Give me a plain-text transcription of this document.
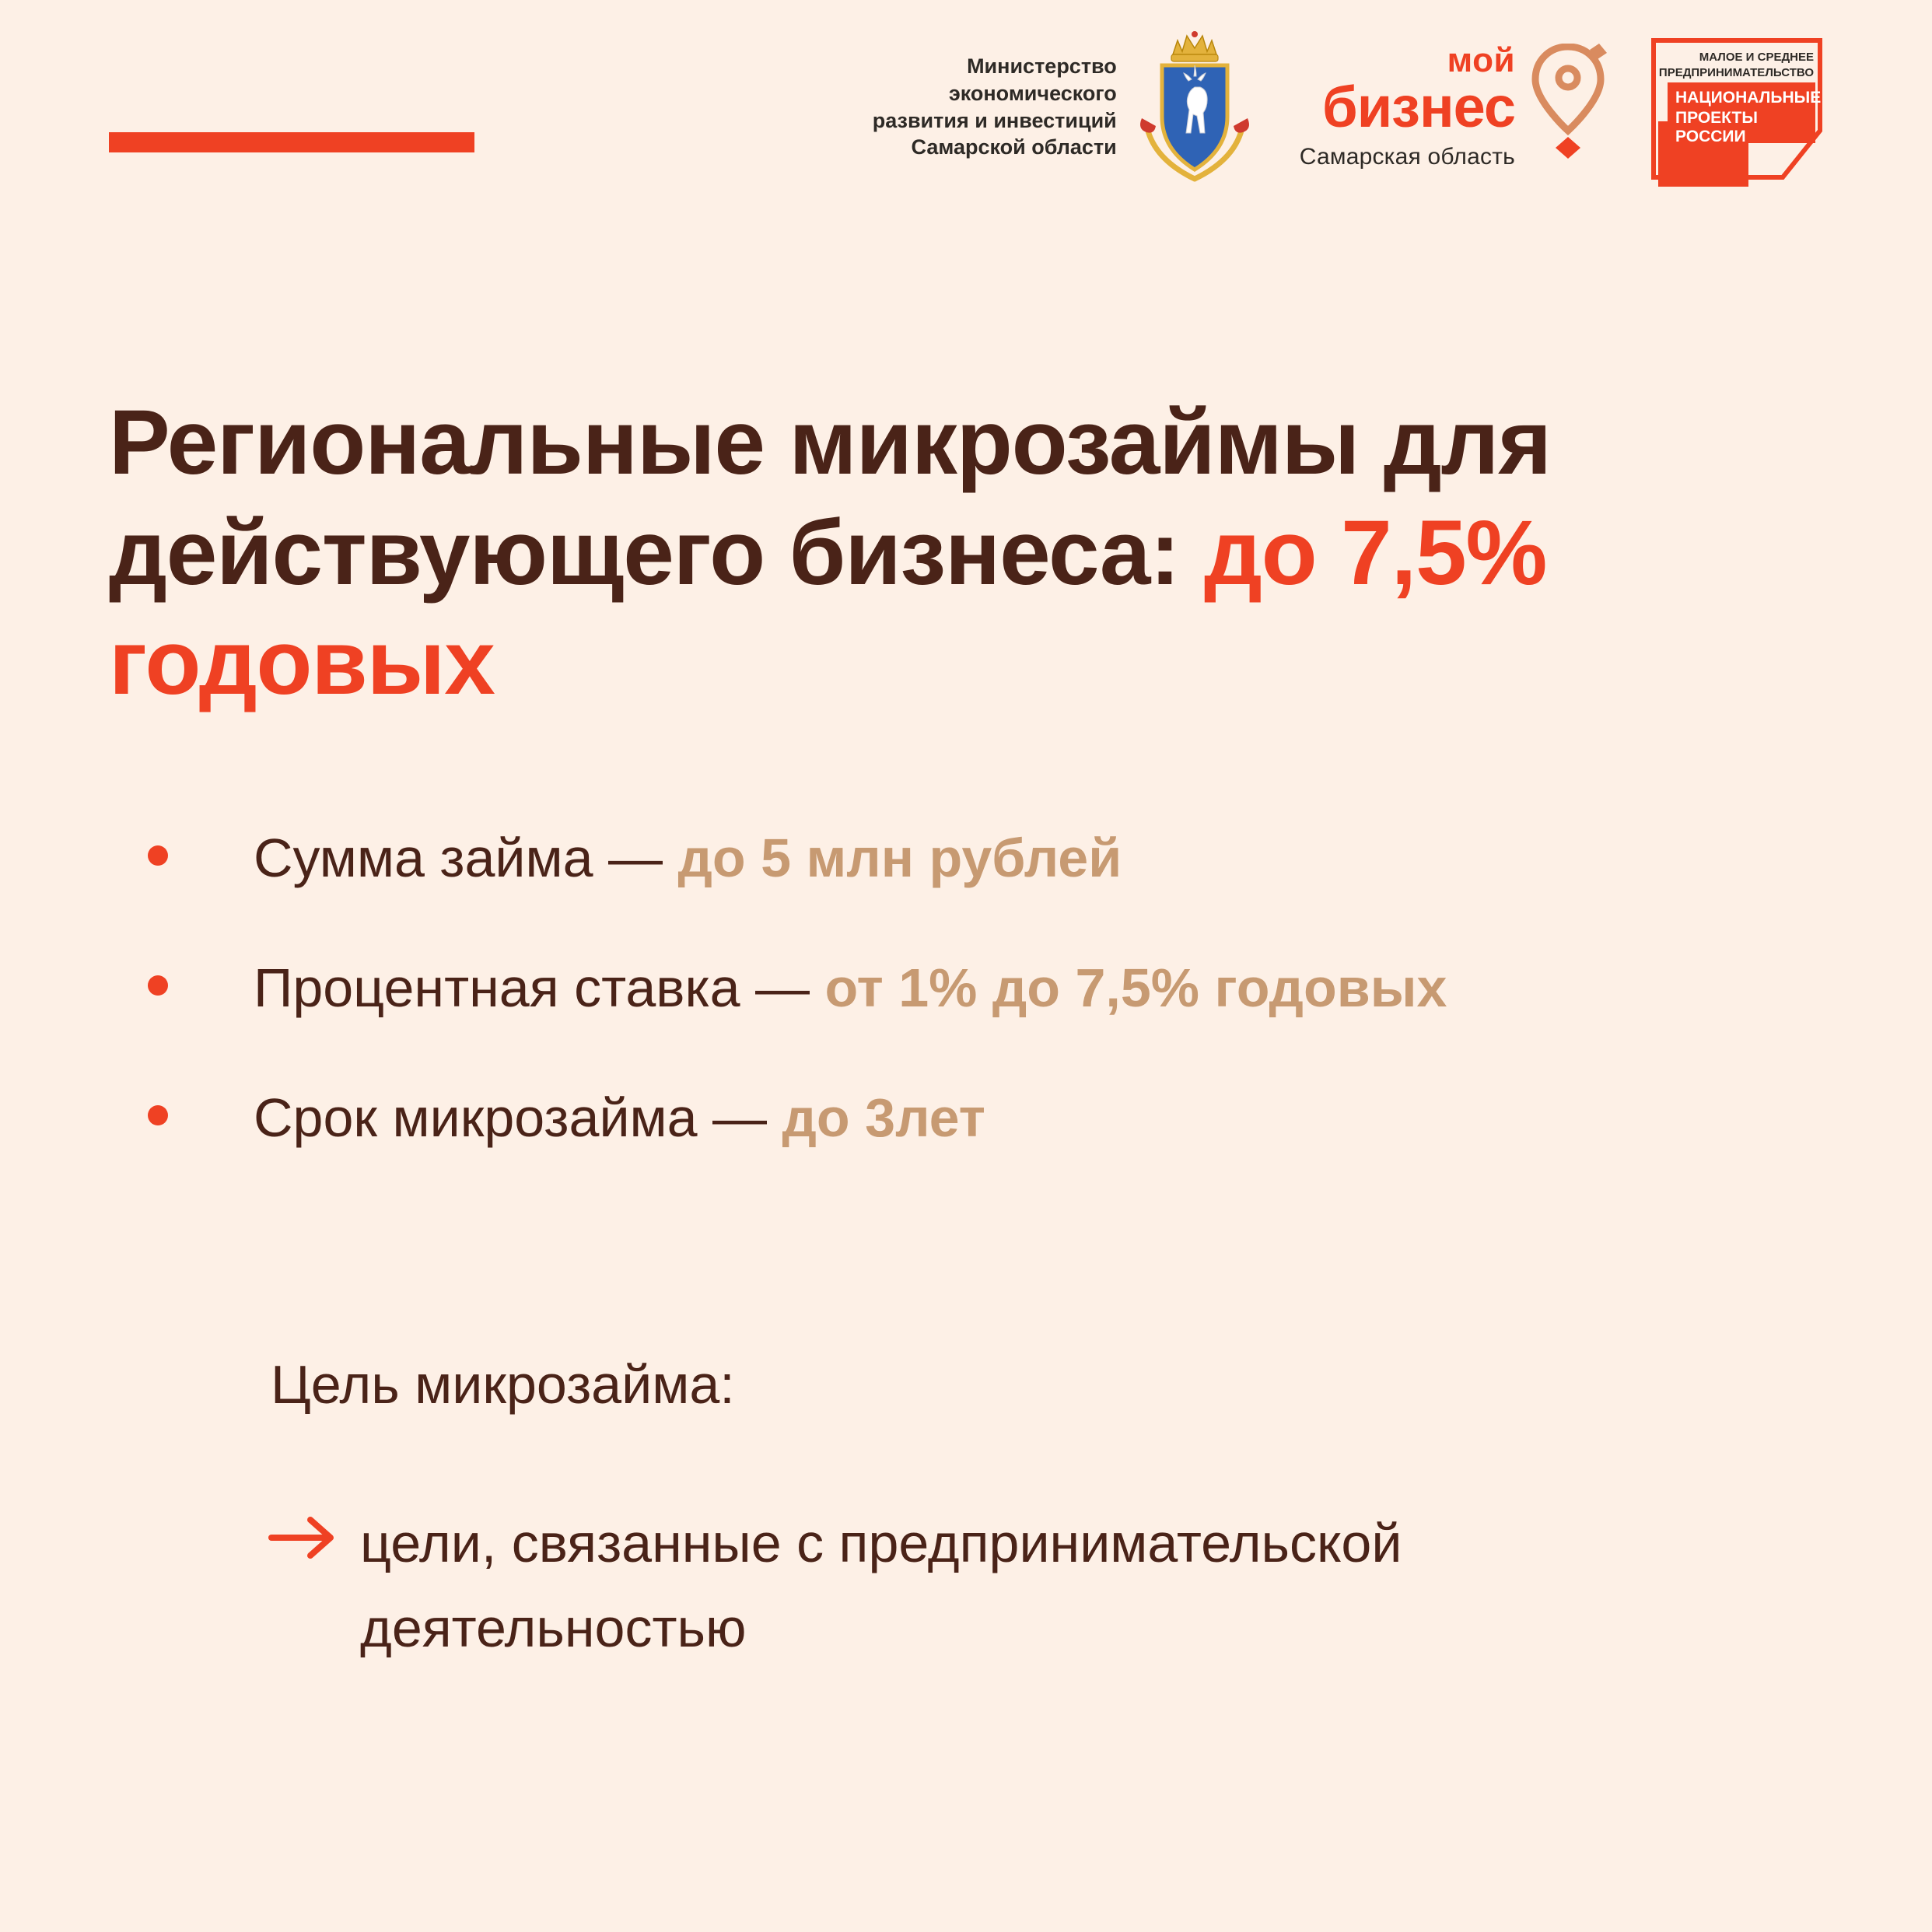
Министерство
экономического
развития и инвестиций
Самарской области
мой
бизнес
Самарская область
МАЛОЕ И СРЕДНЕЕ
ПРЕДПРИНИМАТЕЛЬСТВО
НАЦИОНАЛЬНЫЕ
ПРОЕКТЫ
РОССИИ
Региональные микрозаймы для действующего бизнеса: до 7,5% годовых
Сумма займа — до 5 млн рублей
Процентная ставка — от 1% до 7,5% годовых
Срок микрозайма — до 3лет
Цель микрозайма:
цели, связанные с предпринимательской деятельностью
